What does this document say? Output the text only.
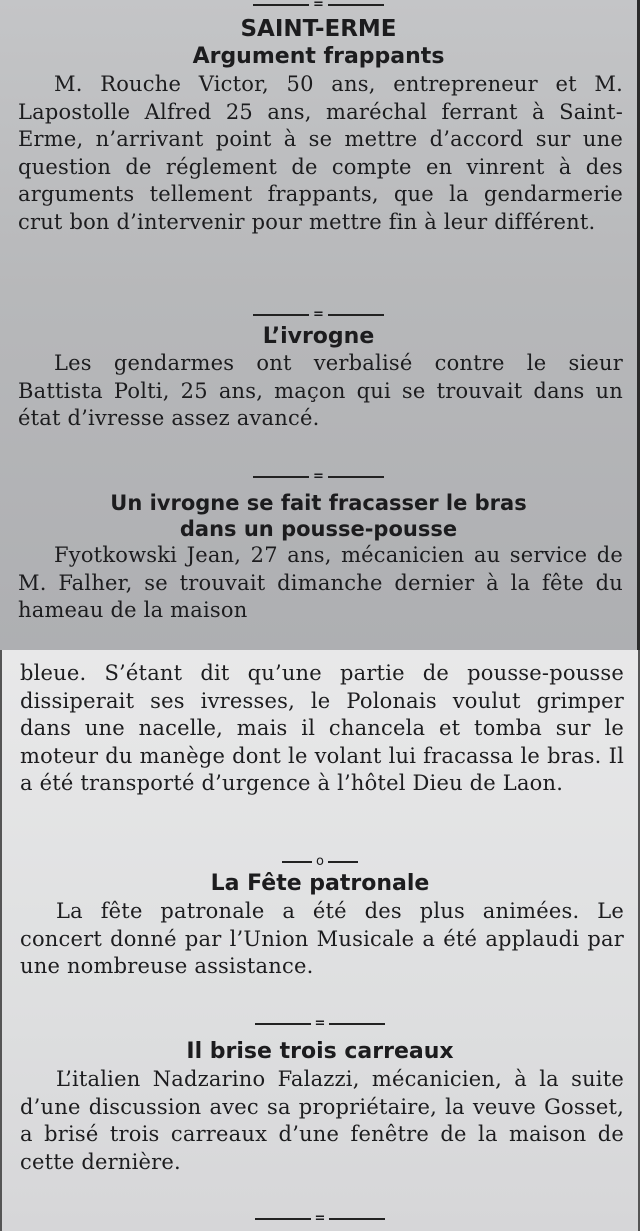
=
SAINT-ERME
Argument frappants

M. Rouche Victor, 50 ans, entrepreneur et M. Lapostolle Alfred 25 ans, maréchal ferrant à Saint-Erme, n’arrivant point à se mettre d’accord sur une question de réglement de compte en vinrent à des arguments tellement frappants, que la gendarmerie crut bon d’intervenir pour mettre fin à leur différent.

=
L’ivrogne

Les gendarmes ont verbalisé contre le sieur Battista Polti, 25 ans, maçon qui se trouvait dans un état d’ivresse assez avancé.

=
Un ivrogne se fait fracasser le bras
dans un pousse-pousse

Fyotkowski Jean, 27 ans, mécanicien au service de M. Falher, se trouvait dimanche dernier à la fête du hameau de la maison

bleue. S’étant dit qu’une partie de pousse-pousse dissiperait ses ivresses, le Polonais voulut grimper dans une nacelle, mais il chancela et tomba sur le moteur du manège dont le volant lui fracassa le bras. Il a été transporté d’urgence à l’hôtel Dieu de Laon.

o
La Fête patronale

La fête patronale a été des plus animées. Le concert donné par l’Union Musicale a été applaudi par une nombreuse assistance.

=
Il brise trois carreaux

L’italien Nadzarino Falazzi, mécanicien, à la suite d’une discussion avec sa propriétaire, la veuve Gosset, a brisé trois carreaux d’une fenêtre de la maison de cette dernière.

=
